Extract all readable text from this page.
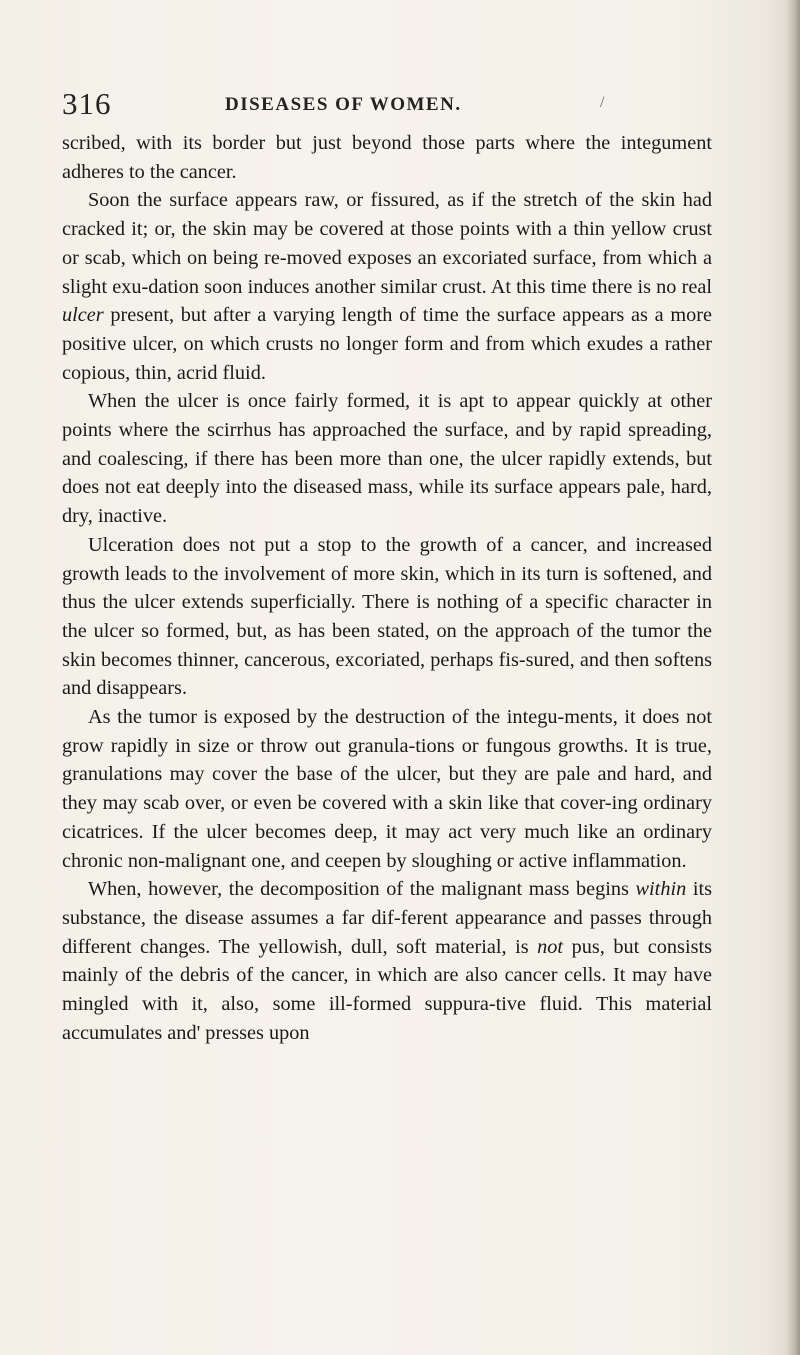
316	DISEASES OF WOMEN.	/

scribed, with its border but just beyond those parts where the integument adheres to the cancer.

Soon the surface appears raw, or fissured, as if the stretch of the skin had cracked it; or, the skin may be covered at those points with a thin yellow crust or scab, which on being re-moved exposes an excoriated surface, from which a slight exu-dation soon induces another similar crust. At this time there is no real ulcer present, but after a varying length of time the surface appears as a more positive ulcer, on which crusts no longer form and from which exudes a rather copious, thin, acrid fluid.

When the ulcer is once fairly formed, it is apt to appear quickly at other points where the scirrhus has approached the surface, and by rapid spreading, and coalescing, if there has been more than one, the ulcer rapidly extends, but does not eat deeply into the diseased mass, while its surface appears pale, hard, dry, inactive.

Ulceration does not put a stop to the growth of a cancer, and increased growth leads to the involvement of more skin, which in its turn is softened, and thus the ulcer extends superficially. There is nothing of a specific character in the ulcer so formed, but, as has been stated, on the approach of the tumor the skin becomes thinner, cancerous, excoriated, perhaps fis-sured, and then softens and disappears.

As the tumor is exposed by the destruction of the integu-ments, it does not grow rapidly in size or throw out granula-tions or fungous growths. It is true, granulations may cover the base of the ulcer, but they are pale and hard, and they may scab over, or even be covered with a skin like that cover-ing ordinary cicatrices. If the ulcer becomes deep, it may act very much like an ordinary chronic non-malignant one, and ceepen by sloughing or active inflammation.

When, however, the decomposition of the malignant mass begins within its substance, the disease assumes a far dif-ferent appearance and passes through different changes. The yellowish, dull, soft material, is not pus, but consists mainly of the debris of the cancer, in which are also cancer cells. It may have mingled with it, also, some ill-formed suppura-tive fluid. This material accumulates and' presses upon
